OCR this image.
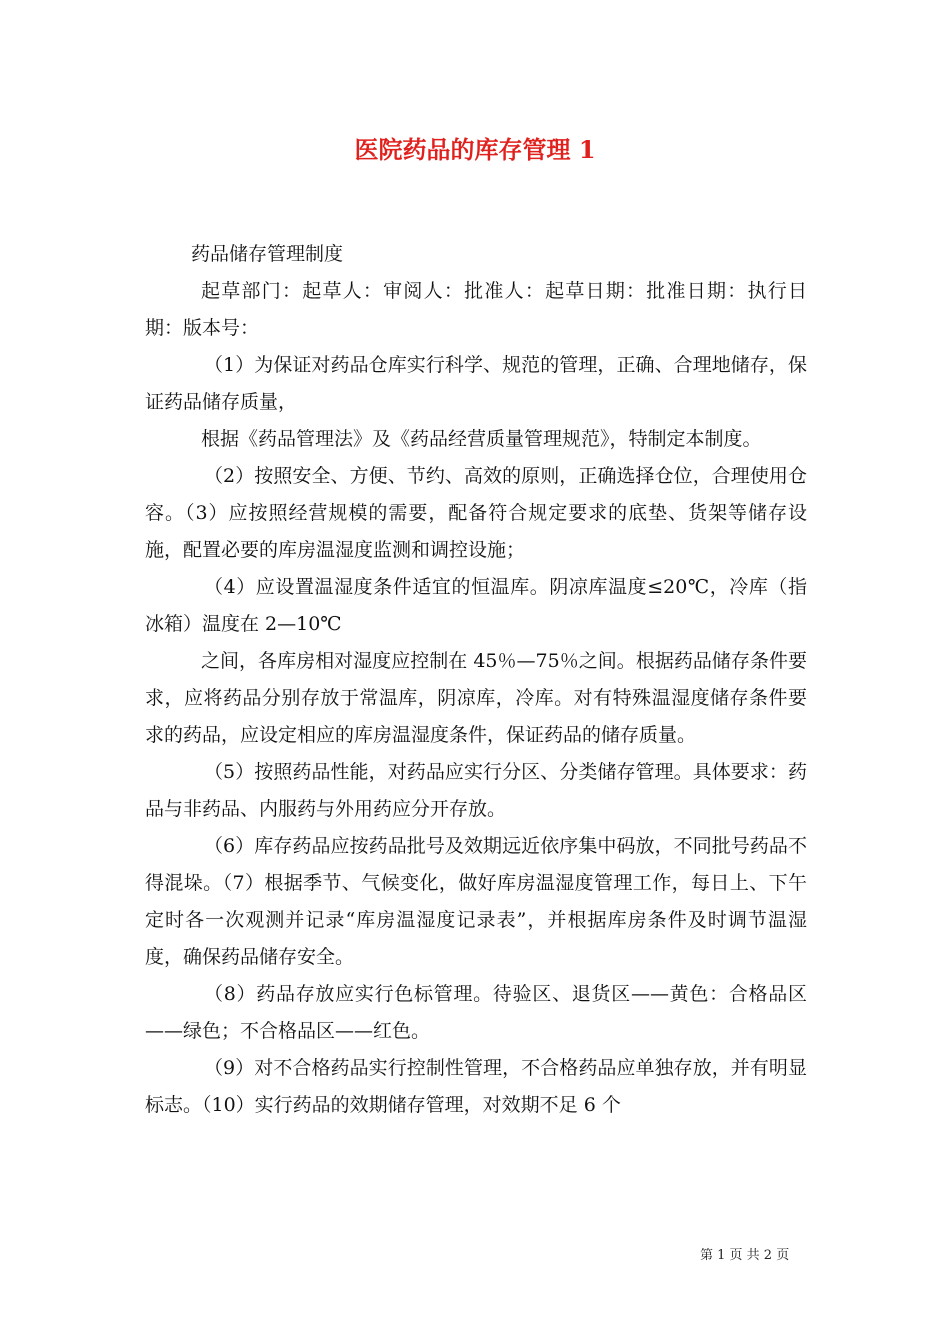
医院药品的库存管理 1

药品储存管理制度

起草部门：起草人：审阅人：批准人：起草日期：批准日期：执行日期：版本号：

（1）为保证对药品仓库实行科学、规范的管理，正确、合理地储存，保证药品储存质量，

根据《药品管理法》及《药品经营质量管理规范》，特制定本制度。

（2）按照安全、方便、节约、高效的原则，正确选择仓位，合理使用仓容。（3）应按照经营规模的需要，配备符合规定要求的底垫、货架等储存设施，配置必要的库房温湿度监测和调控设施；

（4）应设置温湿度条件适宜的恒温库。阴凉库温度≤20℃，冷库（指冰箱）温度在 2—10℃

之间，各库房相对湿度应控制在 45％—75％之间。根据药品储存条件要求，应将药品分别存放于常温库，阴凉库，冷库。对有特殊温湿度储存条件要求的药品，应设定相应的库房温湿度条件，保证药品的储存质量。

（5）按照药品性能，对药品应实行分区、分类储存管理。具体要求：药品与非药品、内服药与外用药应分开存放。

（6）库存药品应按药品批号及效期远近依序集中码放，不同批号药品不得混垛。（7）根据季节、气候变化，做好库房温湿度管理工作，每日上、下午定时各一次观测并记录“库房温湿度记录表”，并根据库房条件及时调节温湿度，确保药品储存安全。

（8）药品存放应实行色标管理。待验区、退货区——黄色：合格品区——绿色；不合格品区——红色。

（9）对不合格药品实行控制性管理，不合格药品应单独存放，并有明显标志。（10）实行药品的效期储存管理，对效期不足 6 个

第 1 页 共 2 页
